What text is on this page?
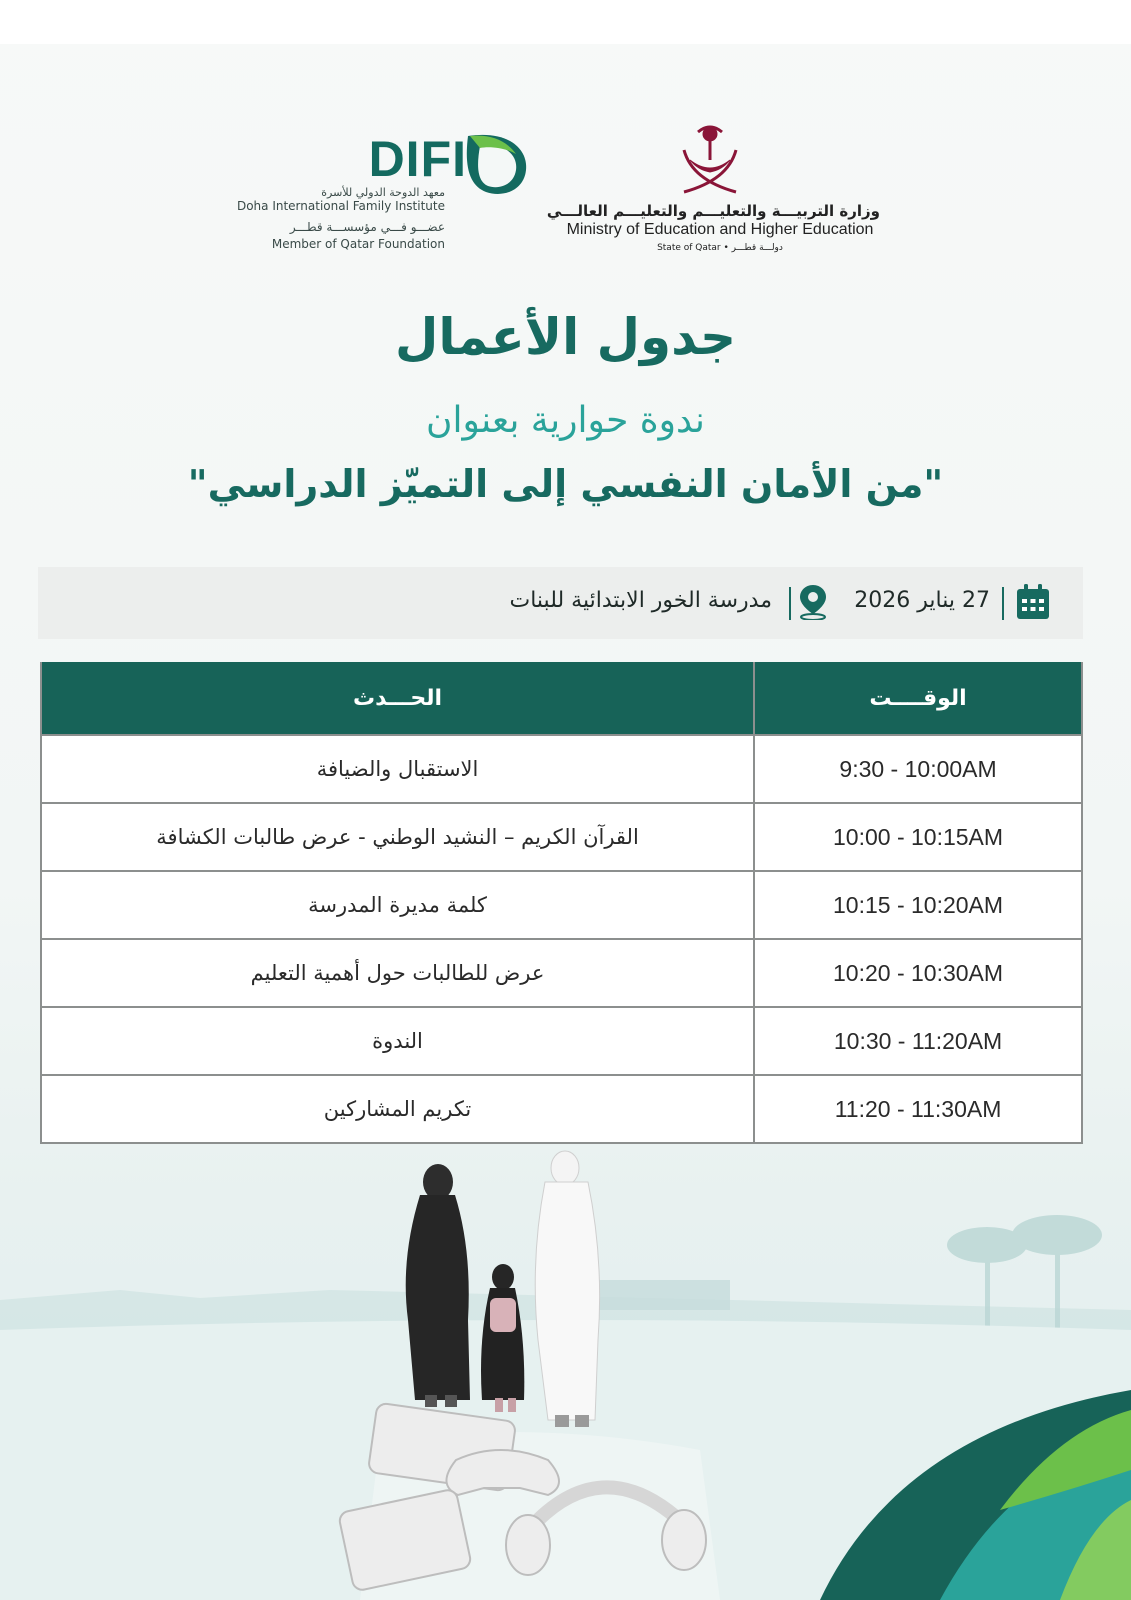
DIFI
معهد الدوحة الدولي للأسرة
Doha International Family Institute
عضـــو فـــي مؤسســـة قطـــر
Member of Qatar Foundation
وزارة التربيـــة والتعليـــم والتعليـــم العالـــي
Ministry of Education and Higher Education
State of Qatar • دولـــة قطـــر
جدول الأعمال
ندوة حوارية بعنوان
"من الأمان النفسي إلى التميّز الدراسي"
27 يناير 2026
مدرسة الخور الابتدائية للبنات
الحـــدث	الوقــــت
الاستقبال والضيافة	9:30 - 10:00AM
القرآن الكريم – النشيد الوطني - عرض طالبات الكشافة	10:00 - 10:15AM
كلمة مديرة المدرسة	10:15 - 10:20AM
عرض للطالبات حول أهمية التعليم	10:20 - 10:30AM
الندوة	10:30 - 11:20AM
تكريم المشاركين	11:20 - 11:30AM
